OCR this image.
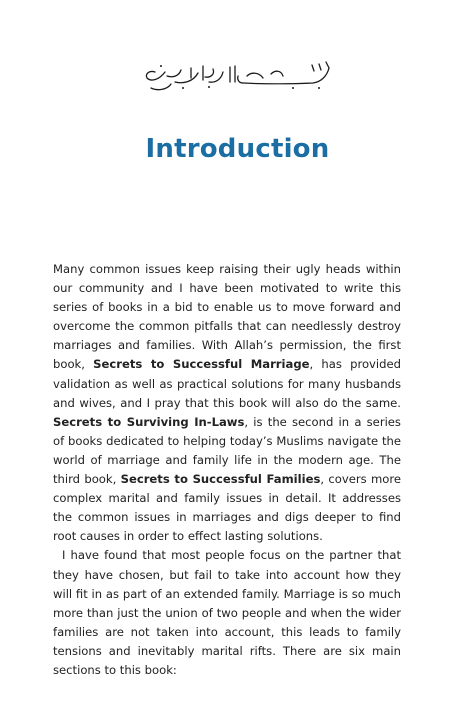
Introduction

Many common issues keep raising their ugly heads within our community and I have been motivated to write this series of books in a bid to enable us to move forward and overcome the common pitfalls that can needlessly destroy marriages and families. With Allah’s permission, the first book, Secrets to Successful Marriage, has provided validation as well as practical solutions for many husbands and wives, and I pray that this book will also do the same. Secrets to Surviving In-Laws, is the second in a series of books dedicated to helping today’s Muslims navigate the world of marriage and family life in the modern age. The third book, Secrets to Successful Families, covers more complex marital and family issues in detail. It addresses the common issues in marriages and digs deeper to find root causes in order to effect lasting solutions.

I have found that most people focus on the partner that they have chosen, but fail to take into account how they will fit in as part of an extended family. Marriage is so much more than just the union of two people and when the wider families are not taken into account, this leads to family tensions and inevitably marital rifts. There are six main sections to this book:
